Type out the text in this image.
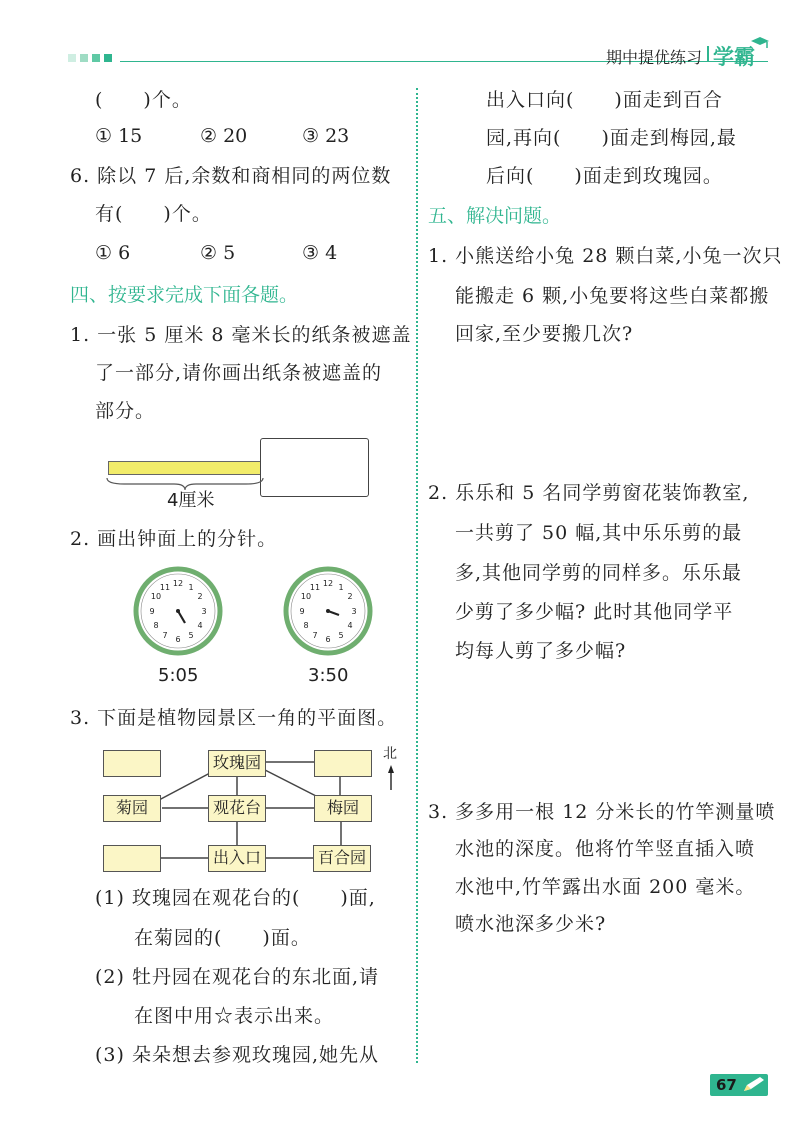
期中提优练习 学霸
(　　)个。
① 15	② 20	③ 23
6. 除以 7 后,余数和商相同的两位数
有(　　)个。
① 6	② 5	③ 4
四、按要求完成下面各题。
1. 一张 5 厘米 8 毫米长的纸条被遮盖
了一部分,请你画出纸条被遮盖的
部分。
4厘米
2. 画出钟面上的分针。
12 1
2
3
4
5
6
7
8
9
10
11	12 1
2
3
4
5
6
7
8
9
10
11
5:05	3:50
3. 下面是植物园景区一角的平面图。
玫瑰园
菊园	观花台	梅园
出入口	百合园
北
(1) 玫瑰园在观花台的(　　)面,
在菊园的(　　)面。
(2) 牡丹园在观花台的东北面,请
在图中用☆表示出来。
(3) 朵朵想去参观玫瑰园,她先从
出入口向(　　)面走到百合
园,再向(　　)面走到梅园,最
后向(　　)面走到玫瑰园。
五、解决问题。
1. 小熊送给小兔 28 颗白菜,小兔一次只
能搬走 6 颗,小兔要将这些白菜都搬
回家,至少要搬几次?
2. 乐乐和 5 名同学剪窗花装饰教室,
一共剪了 50 幅,其中乐乐剪的最
多,其他同学剪的同样多。乐乐最
少剪了多少幅? 此时其他同学平
均每人剪了多少幅?
3. 多多用一根 12 分米长的竹竿测量喷
水池的深度。他将竹竿竖直插入喷
水池中,竹竿露出水面 200 毫米。
喷水池深多少米?
67
